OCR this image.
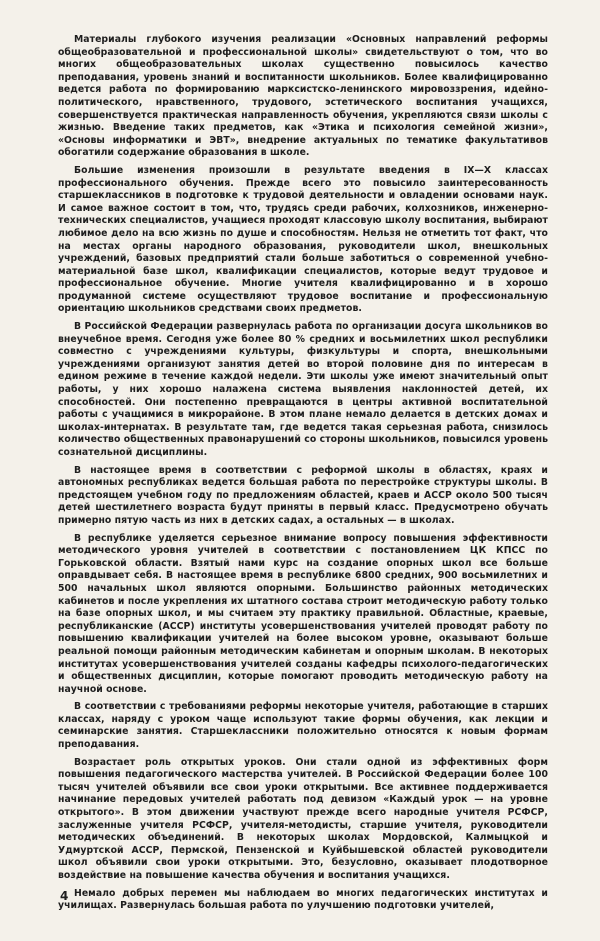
Материалы глубокого изучения реализации «Основных направлений реформы общеобразовательной и профессиональной школы» свидетельствуют о том, что во многих общеобразовательных школах существенно повысилось качество преподавания, уровень знаний и воспитанности школьников. Более квалифицированно ведется работа по формированию марксистско-ленинского мировоззрения, идейно-политического, нравственного, трудового, эстетического воспитания учащихся, совершенствуется практическая направленность обучения, укрепляются связи школы с жизнью. Введение таких предметов, как «Этика и психология семейной жизни», «Основы информатики и ЭВТ», внедрение актуальных по тематике факультативов обогатили содержание образования в школе.

Большие изменения произошли в результате введения в IX—X классах профессионального обучения. Прежде всего это повысило заинтересованность старшеклассников в подготовке к трудовой деятельности и овладении основами наук. И самое важное состоит в том, что, трудясь среди рабочих, колхозников, инженерно-технических специалистов, учащиеся проходят классовую школу воспитания, выбирают любимое дело на всю жизнь по душе и способностям. Нельзя не отметить тот факт, что на местах органы народного образования, руководители школ, внешкольных учреждений, базовых предприятий стали больше заботиться о современной учебно-материальной базе школ, квалификации специалистов, которые ведут трудовое и профессиональное обучение. Многие учителя квалифицированно и в хорошо продуманной системе осуществляют трудовое воспитание и профессиональную ориентацию школьников средствами своих предметов.

В Российской Федерации развернулась работа по организации досуга школьников во внеучебное время. Сегодня уже более 80 % средних и восьмилетних школ республики совместно с учреждениями культуры, физкультуры и спорта, внешкольными учреждениями организуют занятия детей во второй половине дня по интересам в едином режиме в течение каждой недели. Эти школы уже имеют значительный опыт работы, у них хорошо налажена система выявления наклонностей детей, их способностей. Они постепенно превращаются в центры активной воспитательной работы с учащимися в микрорайоне. В этом плане немало делается в детских домах и школах-интернатах. В результате там, где ведется такая серьезная работа, снизилось количество общественных правонарушений со стороны школьников, повысился уровень сознательной дисциплины.

В настоящее время в соответствии с реформой школы в областях, краях и автономных республиках ведется большая работа по перестройке структуры школы. В предстоящем учебном году по предложениям областей, краев и АССР около 500 тысяч детей шестилетнего возраста будут приняты в первый класс. Предусмотрено обучать примерно пятую часть из них в детских садах, а остальных — в школах.

В республике уделяется серьезное внимание вопросу повышения эффективности методического уровня учителей в соответствии с постановлением ЦК КПСС по Горьковской области. Взятый нами курс на создание опорных школ все больше оправдывает себя. В настоящее время в республике 6800 средних, 900 восьмилетних и 500 начальных школ являются опорными. Большинство районных методических кабинетов и после укрепления их штатного состава строит методическую работу только на базе опорных школ, и мы считаем эту практику правильной. Областные, краевые, республиканские (АССР) институты усовершенствования учителей проводят работу по повышению квалификации учителей на более высоком уровне, оказывают больше реальной помощи районным методическим кабинетам и опорным школам. В некоторых институтах усовершенствования учителей созданы кафедры психолого-педагогических и общественных дисциплин, которые помогают проводить методическую работу на научной основе.

В соответствии с требованиями реформы некоторые учителя, работающие в старших классах, наряду с уроком чаще используют такие формы обучения, как лекции и семинарские занятия. Старшеклассники положительно относятся к новым формам преподавания.

Возрастает роль открытых уроков. Они стали одной из эффективных форм повышения педагогического мастерства учителей. В Российской Федерации более 100 тысяч учителей объявили все свои уроки открытыми. Все активнее поддерживается начинание передовых учителей работать под девизом «Каждый урок — на уровне открытого». В этом движении участвуют прежде всего народные учителя РСФСР, заслуженные учителя РСФСР, учителя-методисты, старшие учителя, руководители методических объединений. В некоторых школах Мордовской, Калмыцкой и Удмуртской АССР, Пермской, Пензенской и Куйбышевской областей руководители школ объявили свои уроки открытыми. Это, безусловно, оказывает плодотворное воздействие на повышение качества обучения и воспитания учащихся.

Немало добрых перемен мы наблюдаем во многих педагогических институтах и училищах. Развернулась большая работа по улучшению подготовки учителей,

4
